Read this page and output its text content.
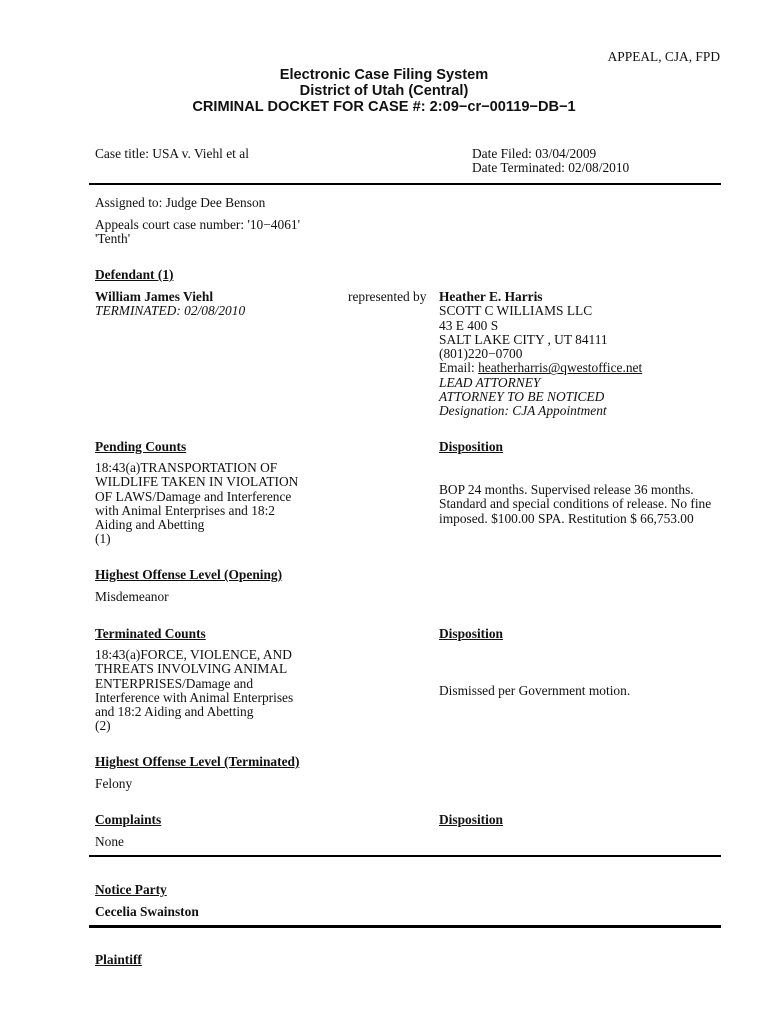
APPEAL, CJA, FPD
Electronic Case Filing System
District of Utah (Central)
CRIMINAL DOCKET FOR CASE #: 2:09−cr−00119−DB−1
Case title: USA v. Viehl et al	Date Filed: 03/04/2009
Date Terminated: 02/08/2010
Assigned to: Judge Dee Benson
Appeals court case number: '10−4061'
'Tenth'
Defendant (1)
William James Viehl
TERMINATED: 02/08/2010
represented by Heather E. Harris
SCOTT C WILLIAMS LLC
43 E 400 S
SALT LAKE CITY , UT 84111
(801)220−0700
Email: heatherharris@qwestoffice.net
LEAD ATTORNEY
ATTORNEY TO BE NOTICED
Designation: CJA Appointment
Pending Counts	Disposition
18:43(a)TRANSPORTATION OF
WILDLIFE TAKEN IN VIOLATION
OF LAWS/Damage and Interference
with Animal Enterprises and 18:2
Aiding and Abetting
(1)
BOP 24 months. Supervised release 36 months.
Standard and special conditions of release. No fine
imposed. $100.00 SPA. Restitution $ 66,753.00
Highest Offense Level (Opening)
Misdemeanor
Terminated Counts	Disposition
18:43(a)FORCE, VIOLENCE, AND
THREATS INVOLVING ANIMAL
ENTERPRISES/Damage and
Interference with Animal Enterprises
and 18:2 Aiding and Abetting
(2)
Dismissed per Government motion.
Highest Offense Level (Terminated)
Felony
Complaints	Disposition
None
Notice Party
Cecelia Swainston
Plaintiff
